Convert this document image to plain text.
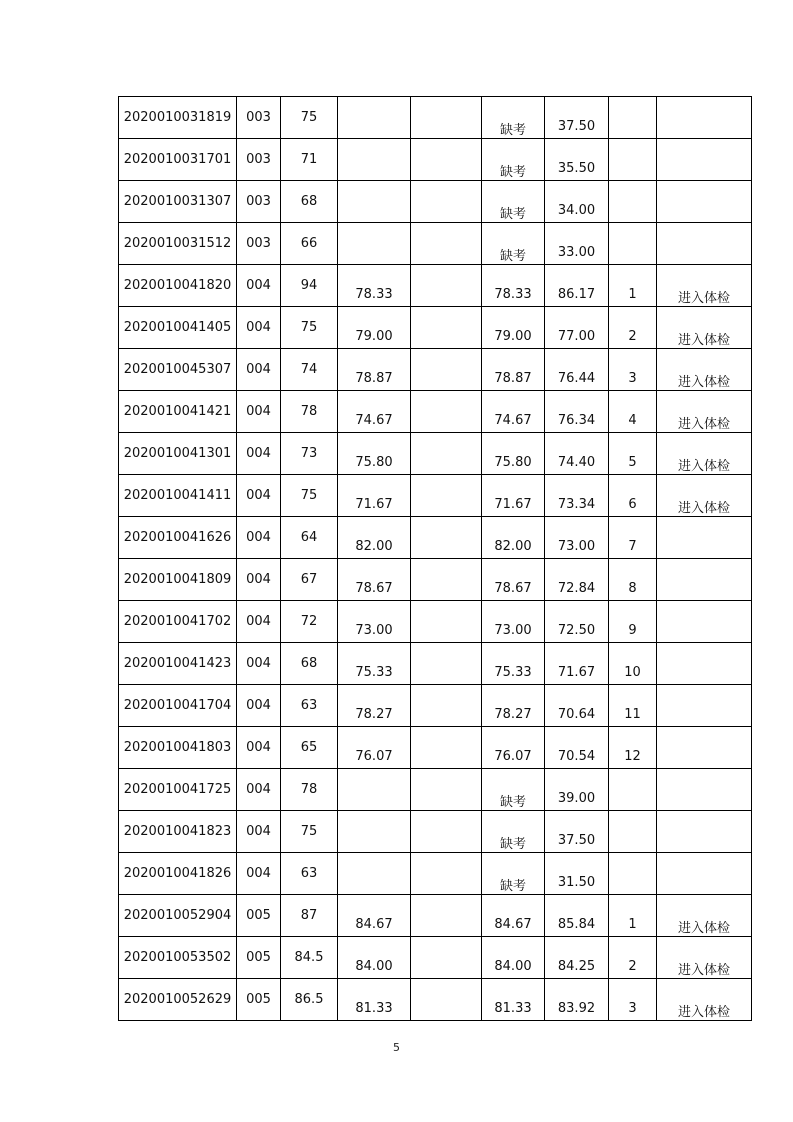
2020010031819	003	75			缺考	37.50		

2020010031701	003	71			缺考	35.50		

2020010031307	003	68			缺考	34.00		

2020010031512	003	66			缺考	33.00		

2020010041820	004	94	78.33		78.33	86.17	1	进入体检

2020010041405	004	75	79.00		79.00	77.00	2	进入体检

2020010045307	004	74	78.87		78.87	76.44	3	进入体检

2020010041421	004	78	74.67		74.67	76.34	4	进入体检

2020010041301	004	73	75.80		75.80	74.40	5	进入体检

2020010041411	004	75	71.67		71.67	73.34	6	进入体检

2020010041626	004	64	82.00		82.00	73.00	7	

2020010041809	004	67	78.67		78.67	72.84	8	

2020010041702	004	72	73.00		73.00	72.50	9	

2020010041423	004	68	75.33		75.33	71.67	10	

2020010041704	004	63	78.27		78.27	70.64	11	

2020010041803	004	65	76.07		76.07	70.54	12	

2020010041725	004	78			缺考	39.00		

2020010041823	004	75			缺考	37.50		

2020010041826	004	63			缺考	31.50		

2020010052904	005	87	84.67		84.67	85.84	1	进入体检

2020010053502	005	84.5	84.00		84.00	84.25	2	进入体检

2020010052629	005	86.5	81.33		81.33	83.92	3	进入体检
5
